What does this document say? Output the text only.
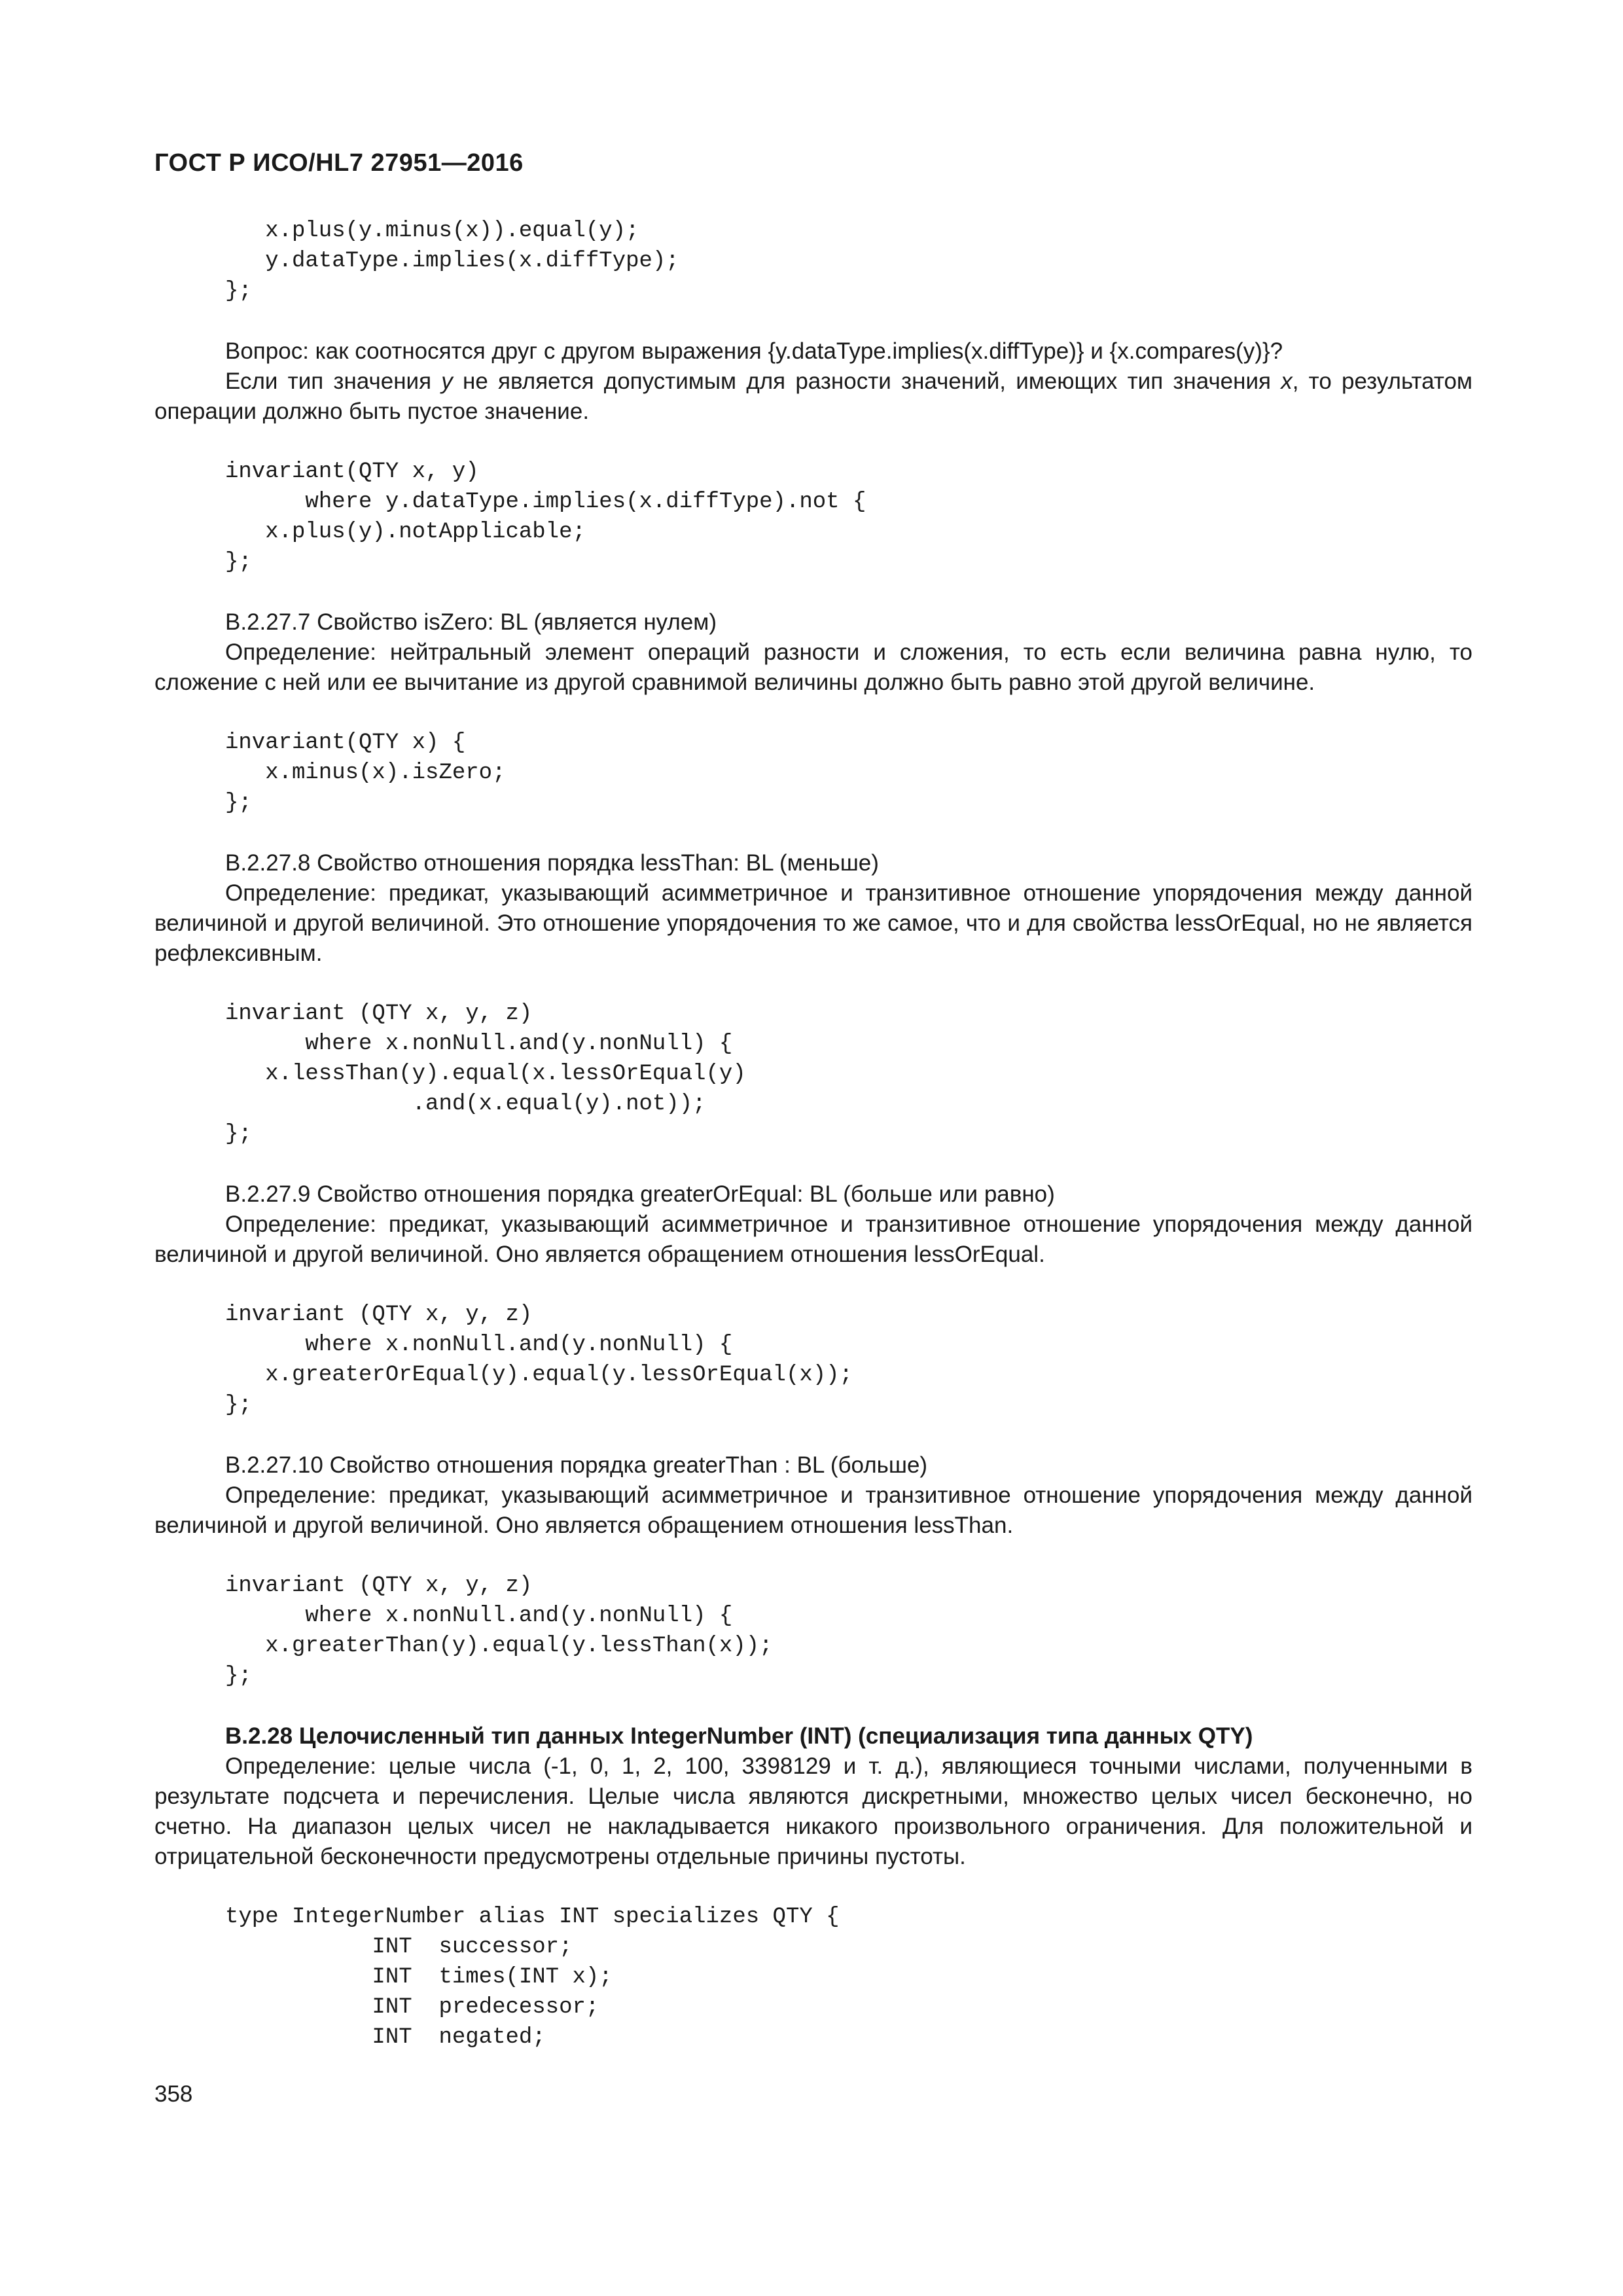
ГОСТ Р ИСО/HL7 27951—2016
x.plus(y.minus(x)).equal(y);
y.dataType.implies(x.diffType);
};

Вопрос: как соотносятся друг с другом выражения {y.dataType.implies(x.diffType)} и {x.compares(y)}?

Если тип значения y не является допустимым для разности значений, имеющих тип значения x, то результатом операции должно быть пустое значение.

invariant(QTY x, y)
where y.dataType.implies(x.diffType).not {
x.plus(y).notApplicable;
};

B.2.27.7 Свойство isZero: BL (является нулем)

Определение: нейтральный элемент операций разности и сложения, то есть если величина равна нулю, то сложение с ней или ее вычитание из другой сравнимой величины должно быть равно этой другой величине.

invariant(QTY x) {
x.minus(x).isZero;
};

B.2.27.8 Свойство отношения порядка lessThan: BL (меньше)

Определение: предикат, указывающий асимметричное и транзитивное отношение упорядочения между данной величиной и другой величиной. Это отношение упорядочения то же самое, что и для свойства lessOrEqual, но не является рефлексивным.

invariant (QTY x, y, z)
where x.nonNull.and(y.nonNull) {
x.lessThan(y).equal(x.lessOrEqual(y)
.and(x.equal(y).not));
};

B.2.27.9 Свойство отношения порядка greaterOrEqual: BL (больше или равно)

Определение: предикат, указывающий асимметричное и транзитивное отношение упорядочения между данной величиной и другой величиной. Оно является обращением отношения lessOrEqual.

invariant (QTY x, y, z)
where x.nonNull.and(y.nonNull) {
x.greaterOrEqual(y).equal(y.lessOrEqual(x));
};

B.2.27.10 Свойство отношения порядка greaterThan : BL (больше)

Определение: предикат, указывающий асимметричное и транзитивное отношение упорядочения между данной величиной и другой величиной. Оно является обращением отношения lessThan.

invariant (QTY x, y, z)
where x.nonNull.and(y.nonNull) {
x.greaterThan(y).equal(y.lessThan(x));
};

B.2.28 Целочисленный тип данных IntegerNumber (INT) (специализация типа данных QTY)

Определение: целые числа (-1, 0, 1, 2, 100, 3398129 и т. д.), являющиеся точными числами, полученными в результате подсчета и перечисления. Целые числа являются дискретными, множество целых чисел бесконечно, но счетно. На диапазон целых чисел не накладывается никакого произвольного ограничения. Для положительной и отрицательной бесконечности предусмотрены отдельные причины пустоты.

type IntegerNumber alias INT specializes QTY {
INT  successor;
INT  times(INT x);
INT  predecessor;
INT  negated;
358
